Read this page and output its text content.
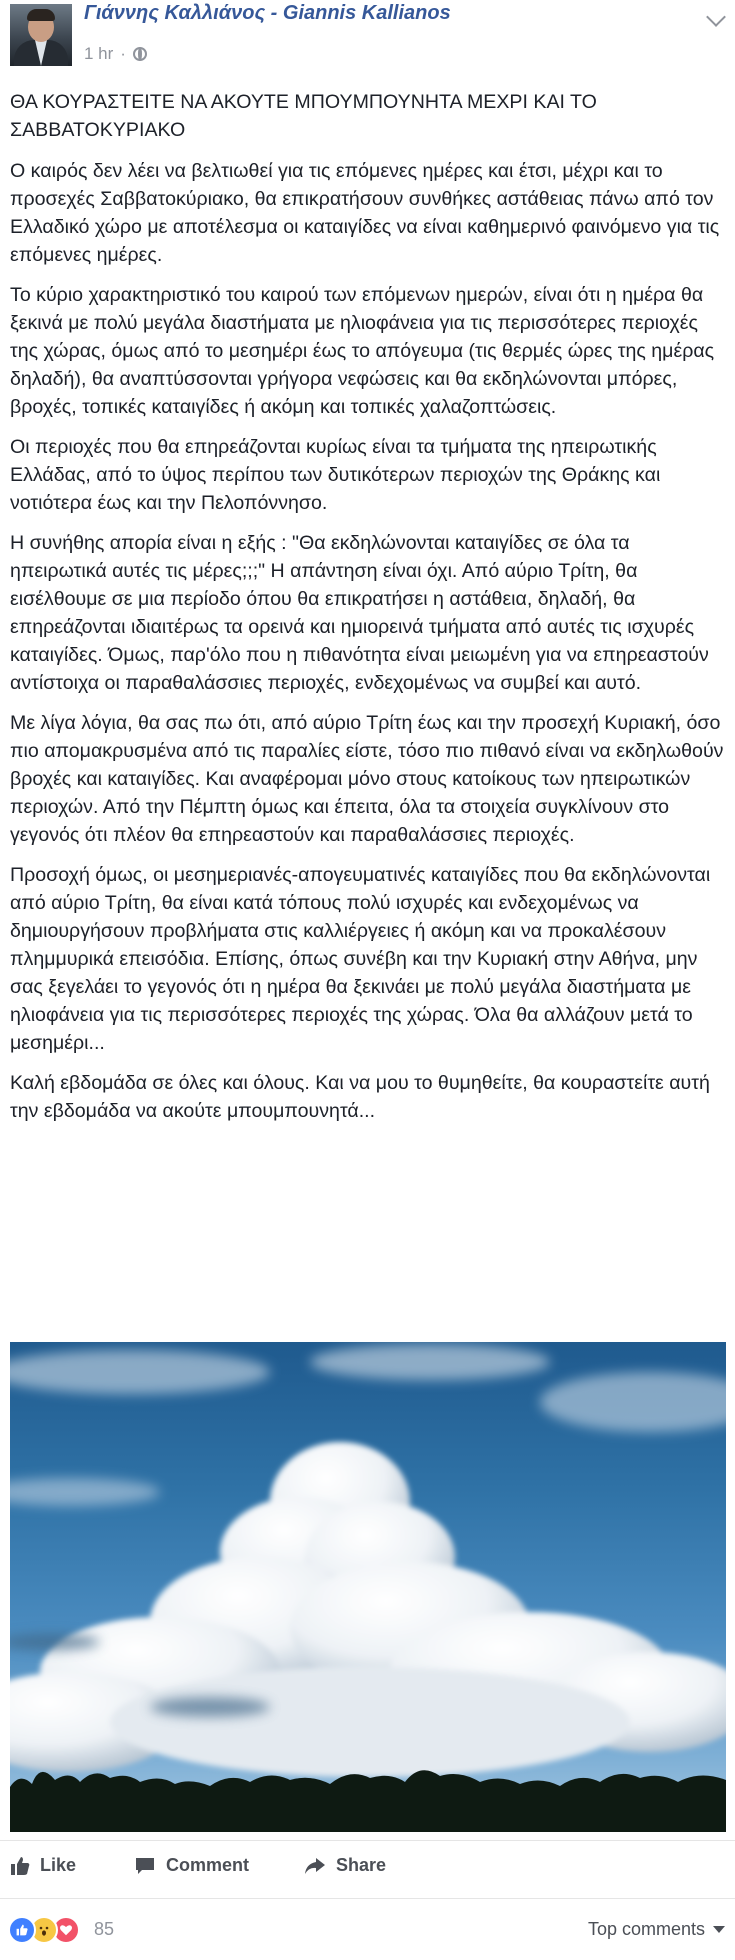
Γιάννης Καλλιάνος - Giannis Kallianos
1 hr ·

ΘΑ ΚΟΥΡΑΣΤΕΙΤΕ ΝΑ ΑΚΟΥΤΕ ΜΠΟΥΜΠΟΥΝΗΤΑ ΜΕΧΡΙ ΚΑΙ ΤΟ ΣΑΒΒΑΤΟΚΥΡΙΑΚΟ

Ο καιρός δεν λέει να βελτιωθεί για τις επόμενες ημέρες και έτσι, μέχρι και το προσεχές Σαββατοκύριακο, θα επικρατήσουν συνθήκες αστάθειας πάνω από τον Ελλαδικό χώρο με αποτέλεσμα οι καταιγίδες να είναι καθημερινό φαινόμενο για τις επόμενες ημέρες.

Το κύριο χαρακτηριστικό του καιρού των επόμενων ημερών, είναι ότι η ημέρα θα ξεκινά με πολύ μεγάλα διαστήματα με ηλιοφάνεια για τις περισσότερες περιοχές της χώρας, όμως από το μεσημέρι έως το απόγευμα (τις θερμές ώρες της ημέρας δηλαδή), θα αναπτύσσονται γρήγορα νεφώσεις και θα εκδηλώνονται μπόρες, βροχές, τοπικές καταιγίδες ή ακόμη και τοπικές χαλαζοπτώσεις.

Οι περιοχές που θα επηρεάζονται κυρίως είναι τα τμήματα της ηπειρωτικής Ελλάδας, από το ύψος περίπου των δυτικότερων περιοχών της Θράκης και νοτιότερα έως και την Πελοπόννησο.

Η συνήθης απορία είναι η εξής : "Θα εκδηλώνονται καταιγίδες σε όλα τα ηπειρωτικά αυτές τις μέρες;;;" Η απάντηση είναι όχι. Από αύριο Τρίτη, θα εισέλθουμε σε μια περίοδο όπου θα επικρατήσει η αστάθεια, δηλαδή, θα επηρεάζονται ιδιαιτέρως τα ορεινά και ημιορεινά τμήματα από αυτές τις ισχυρές καταιγίδες. Όμως, παρ'όλο που η πιθανότητα είναι μειωμένη για να επηρεαστούν αντίστοιχα οι παραθαλάσσιες περιοχές, ενδεχομένως να συμβεί και αυτό.

Με λίγα λόγια, θα σας πω ότι, από αύριο Τρίτη έως και την προσεχή Κυριακή, όσο πιο απομακρυσμένα από τις παραλίες είστε, τόσο πιο πιθανό είναι να εκδηλωθούν βροχές και καταιγίδες. Και αναφέρομαι μόνο στους κατοίκους των ηπειρωτικών περιοχών. Από την Πέμπτη όμως και έπειτα, όλα τα στοιχεία συγκλίνουν στο γεγονός ότι πλέον θα επηρεαστούν και παραθαλάσσιες περιοχές.

Προσοχή όμως, οι μεσημεριανές-απογευματινές καταιγίδες που θα εκδηλώνονται από αύριο Τρίτη, θα είναι κατά τόπους πολύ ισχυρές και ενδεχομένως να δημιουργήσουν προβλήματα στις καλλιέργειες ή ακόμη και να προκαλέσουν πλημμυρικά επεισόδια. Επίσης, όπως συνέβη και την Κυριακή στην Αθήνα, μην σας ξεγελάει το γεγονός ότι η ημέρα θα ξεκινάει με πολύ μεγάλα διαστήματα με ηλιοφάνεια για τις περισσότερες περιοχές της χώρας. Όλα θα αλλάζουν μετά το μεσημέρι...

Καλή εβδομάδα σε όλες και όλους. Και να μου το θυμηθείτε, θα κουραστείτε αυτή την εβδομάδα να ακούτε μπουμπουνητά...

Like	Comment	Share
85	Top comments
